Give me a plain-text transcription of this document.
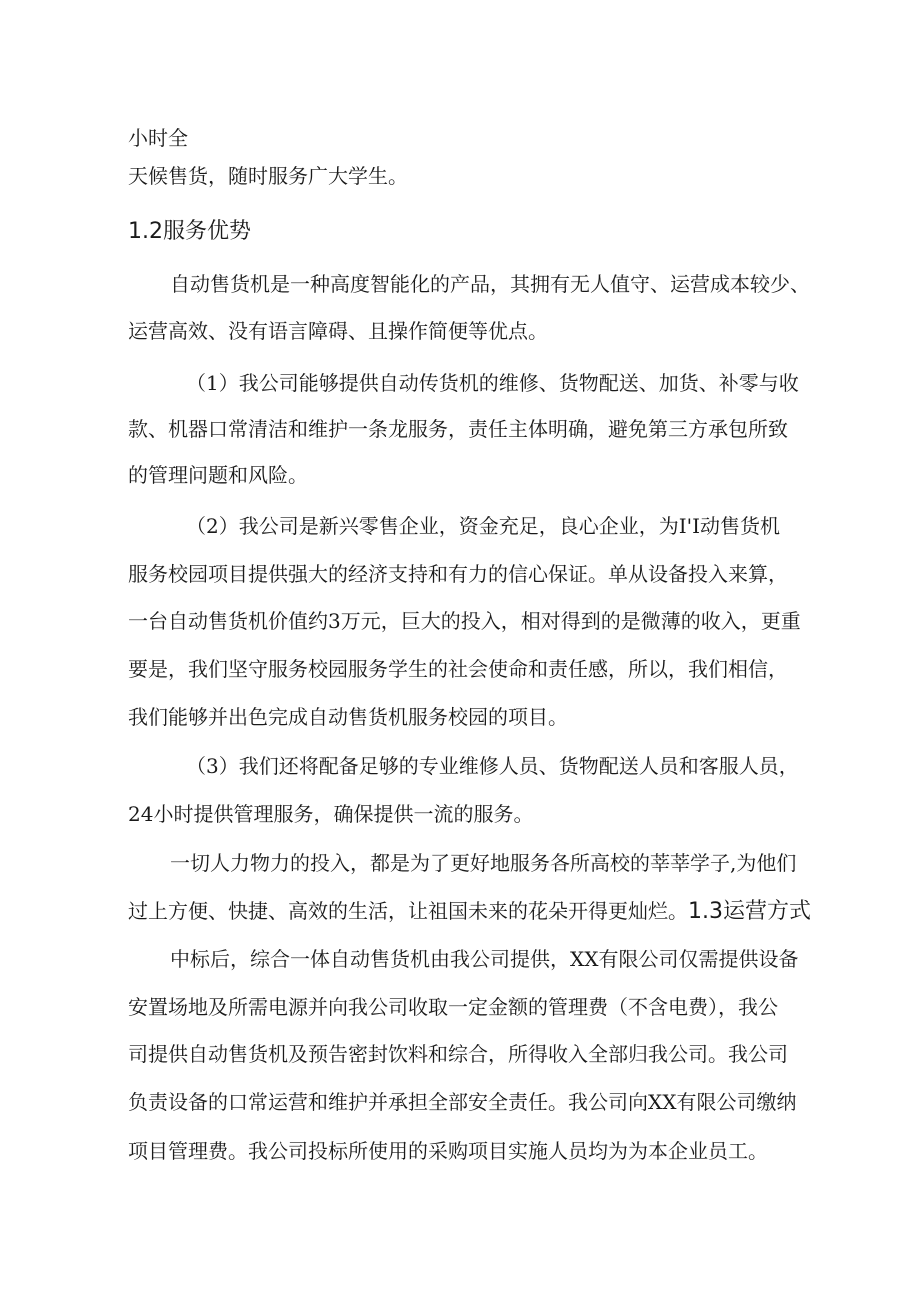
小时全
天候售货，随时服务广大学生。
1.2服务优势
自动售货机是一种高度智能化的产品，其拥有无人值守、运营成本较少、
运营高效、没有语言障碍、且操作简便等优点。
（1）我公司能够提供自动传货机的维修、货物配送、加货、补零与收
款、机器口常清洁和维护一条龙服务，责任主体明确，避免第三方承包所致
的管理问题和风险。
（2）我公司是新兴零售企业，资金充足，良心企业，为I'I动售货机
服务校园项目提供强大的经济支持和有力的信心保证。单从设备投入来算，
一台自动售货机价值约3万元，巨大的投入，相对得到的是微薄的收入，更重
要是，我们坚守服务校园服务学生的社会使命和责任感，所以，我们相信，
我们能够并出色完成自动售货机服务校园的项目。
（3）我们还将配备足够的专业维修人员、货物配送人员和客服人员，
24小时提供管理服务，确保提供一流的服务。
一切人力物力的投入，都是为了更好地服务各所高校的莘莘学子,为他们
过上方便、快捷、高效的生活，让祖国未来的花朵开得更灿烂。1.3运营方式
中标后，综合一体自动售货机由我公司提供，XX有限公司仅需提供设备
安置场地及所需电源并向我公司收取一定金额的管理费（不含电费），我公
司提供自动售货机及预告密封饮料和综合，所得收入全部归我公司。我公司
负责设备的口常运营和维护并承担全部安全责任。我公司向XX有限公司缴纳
项目管理费。我公司投标所使用的采购项目实施人员均为为本企业员工。
